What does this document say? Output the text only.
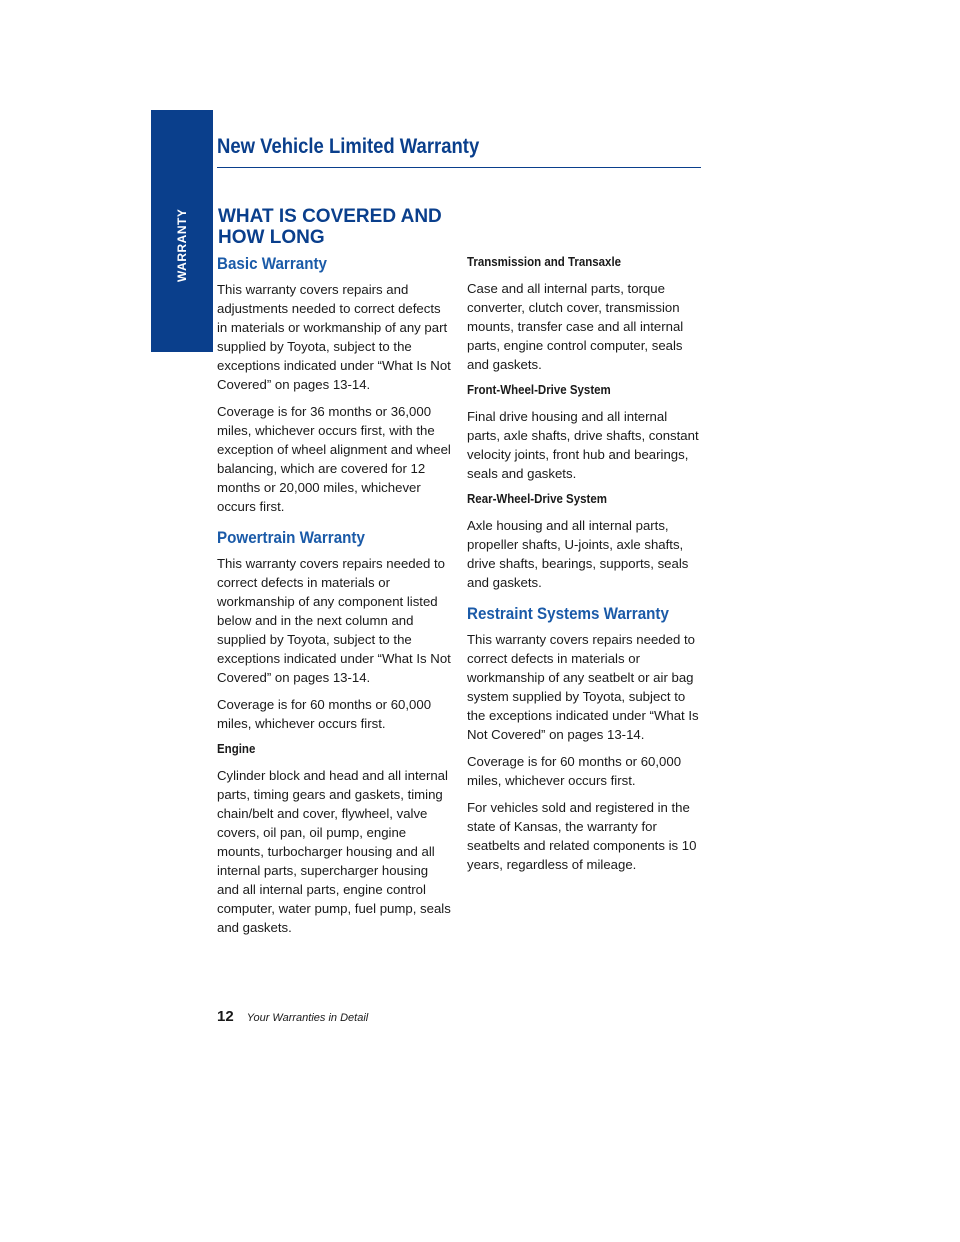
WARRANTY
New Vehicle Limited Warranty
WHAT IS COVERED AND HOW LONG
Basic Warranty

This warranty covers repairs and adjustments needed to correct defects in materials or workmanship of any part supplied by Toyota, subject to the exceptions indicated under “What Is Not Covered” on pages 13-14.

Coverage is for 36 months or 36,000 miles, whichever occurs first, with the exception of wheel alignment and wheel balancing, which are covered for 12 months or 20,000 miles, whichever occurs first.

Powertrain Warranty

This warranty covers repairs needed to correct defects in materials or workmanship of any component listed below and in the next column and supplied by Toyota, subject to the exceptions indicated under “What Is Not Covered” on pages 13-14.

Coverage is for 60 months or 60,000 miles, whichever occurs first.

Engine

Cylinder block and head and all internal parts, timing gears and gaskets, timing chain/belt and cover, flywheel, valve covers, oil pan, oil pump, engine mounts, turbocharger housing and all internal parts, supercharger housing and all internal parts, engine control computer, water pump, fuel pump, seals and gaskets.

Transmission and Transaxle

Case and all internal parts, torque converter, clutch cover, transmission mounts, transfer case and all internal parts, engine control computer, seals and gaskets.

Front-Wheel-Drive System

Final drive housing and all internal parts, axle shafts, drive shafts, constant velocity joints, front hub and bearings, seals and gaskets.

Rear-Wheel-Drive System

Axle housing and all internal parts, propeller shafts, U-joints, axle shafts, drive shafts, bearings, supports, seals and gaskets.

Restraint Systems Warranty

This warranty covers repairs needed to correct defects in materials or workmanship of any seatbelt or air bag system supplied by Toyota, subject to the exceptions indicated under “What Is Not Covered” on pages 13-14.

Coverage is for 60 months or 60,000 miles, whichever occurs first.

For vehicles sold and registered in the state of Kansas, the warranty for seatbelts and related components is 10 years, regardless of mileage.

12 Your Warranties in Detail
